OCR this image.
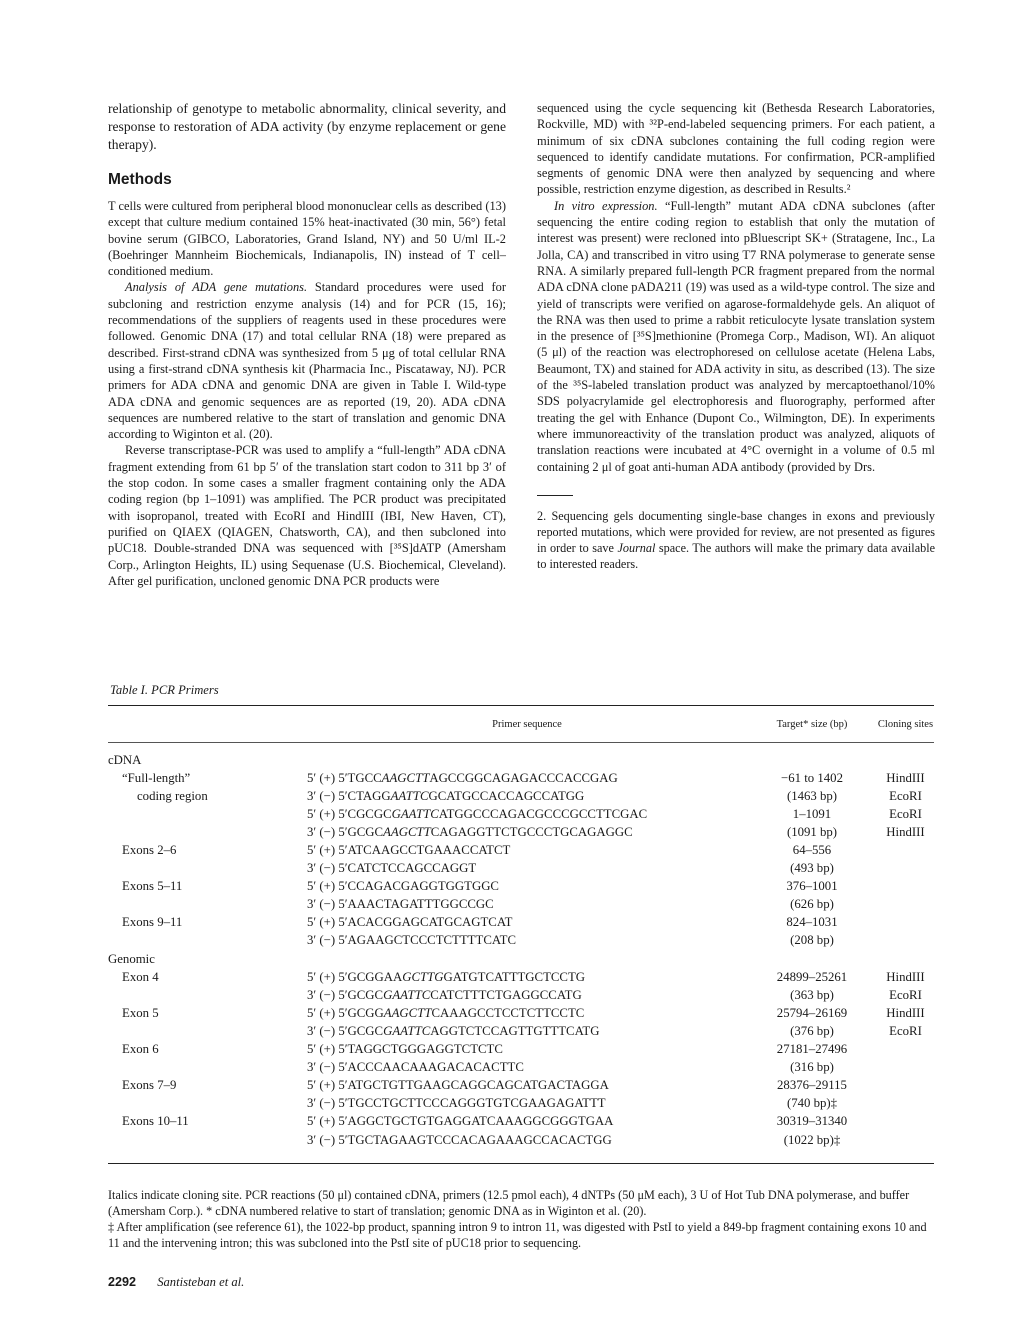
relationship of genotype to metabolic abnormality, clinical severity, and response to restoration of ADA activity (by enzyme replacement or gene therapy).

Methods

T cells were cultured from peripheral blood mononuclear cells as described (13) except that culture medium contained 15% heat-inactivated (30 min, 56°) fetal bovine serum (GIBCO, Laboratories, Grand Island, NY) and 50 U/ml IL-2 (Boehringer Mannheim Biochemicals, Indianapolis, IN) instead of T cell–conditioned medium.

Analysis of ADA gene mutations. Standard procedures were used for subcloning and restriction enzyme analysis (14) and for PCR (15, 16); recommendations of the suppliers of reagents used in these procedures were followed. Genomic DNA (17) and total cellular RNA (18) were prepared as described. First-strand cDNA was synthesized from 5 μg of total cellular RNA using a first-strand cDNA synthesis kit (Pharmacia Inc., Piscataway, NJ). PCR primers for ADA cDNA and genomic DNA are given in Table I. Wild-type ADA cDNA and genomic sequences are as reported (19, 20). ADA cDNA sequences are numbered relative to the start of translation and genomic DNA according to Wiginton et al. (20).

Reverse transcriptase-PCR was used to amplify a “full-length” ADA cDNA fragment extending from 61 bp 5′ of the translation start codon to 311 bp 3′ of the stop codon. In some cases a smaller fragment containing only the ADA coding region (bp 1–1091) was amplified. The PCR product was precipitated with isopropanol, treated with EcoRI and HindIII (IBI, New Haven, CT), purified on QIAEX (QIAGEN, Chatsworth, CA), and then subcloned into pUC18. Double-stranded DNA was sequenced with [³⁵S]dATP (Amersham Corp., Arlington Heights, IL) using Sequenase (U.S. Biochemical, Cleveland). After gel purification, uncloned genomic DNA PCR products were

sequenced using the cycle sequencing kit (Bethesda Research Laboratories, Rockville, MD) with ³²P-end-labeled sequencing primers. For each patient, a minimum of six cDNA subclones containing the full coding region were sequenced to identify candidate mutations. For confirmation, PCR-amplified segments of genomic DNA were then analyzed by sequencing and where possible, restriction enzyme digestion, as described in Results.²

In vitro expression. “Full-length” mutant ADA cDNA subclones (after sequencing the entire coding region to establish that only the mutation of interest was present) were recloned into pBluescript SK+ (Stratagene, Inc., La Jolla, CA) and transcribed in vitro using T7 RNA polymerase to generate sense RNA. A similarly prepared full-length PCR fragment prepared from the normal ADA cDNA clone pADA211 (19) was used as a wild-type control. The size and yield of transcripts were verified on agarose-formaldehyde gels. An aliquot of the RNA was then used to prime a rabbit reticulocyte lysate translation system in the presence of [³⁵S]methionine (Promega Corp., Madison, WI). An aliquot (5 μl) of the reaction was electrophoresed on cellulose acetate (Helena Labs, Beaumont, TX) and stained for ADA activity in situ, as described (13). The size of the ³⁵S-labeled translation product was analyzed by mercaptoethanol/10% SDS polyacrylamide gel electrophoresis and fluorography, performed after treating the gel with Enhance (Dupont Co., Wilmington, DE). In experiments where immunoreactivity of the translation product was analyzed, aliquots of translation reactions were incubated at 4°C overnight in a volume of 0.5 ml containing 2 μl of goat anti-human ADA antibody (provided by Drs.

2. Sequencing gels documenting single-base changes in exons and previously reported mutations, which were provided for review, are not presented as figures in order to save Journal space. The authors will make the primary data available to interested readers.

Table I. PCR Primers
	Primer sequence	Target* size (bp)	Cloning sites

cDNA			
“Full-length”	5′ (+) 5′TGCCAAGCTTAGCCGGCAGAGACCCACCGAG	−61 to 1402	HindIII
coding region	3′ (−) 5′CTAGGAATTCGCATGCCACCAGCCATGG	(1463 bp)	EcoRI
	5′ (+) 5′CGCGCGAATTCATGGCCCAGACGCCCGCCTTCGAC	1–1091	EcoRI
	3′ (−) 5′GCGCAAGCTTCAGAGGTTCTGCCCTGCAGAGGC	(1091 bp)	HindIII
Exons 2–6	5′ (+) 5′ATCAAGCCTGAAACCATCT	64–556	
	3′ (−) 5′CATCTCCAGCCAGGT	(493 bp)	
Exons 5–11	5′ (+) 5′CCAGACGAGGTGGTGGC	376–1001	
	3′ (−) 5′AAACTAGATTTGGCCGC	(626 bp)	
Exons 9–11	5′ (+) 5′ACACGGAGCATGCAGTCAT	824–1031	
	3′ (−) 5′AGAAGCTCCCTCTTTTCATC	(208 bp)	
Genomic			
Exon 4	5′ (+) 5′GCGGAAGCTTGGATGTCATTTGCTCCTG	24899–25261	HindIII
	3′ (−) 5′GCGCGAATTCCATCTTTCTGAGGCCATG	(363 bp)	EcoRI
Exon 5	5′ (+) 5′GCGGAAGCTTCAAAGCCTCCTCTTCCTC	25794–26169	HindIII
	3′ (−) 5′GCGCGAATTCAGGTCTCCAGTTGTTTCATG	(376 bp)	EcoRI
Exon 6	5′ (+) 5′TAGGCTGGGAGGTCTCTC	27181–27496	
	3′ (−) 5′ACCCAACAAAGACACACTTC	(316 bp)	
Exons 7–9	5′ (+) 5′ATGCTGTTGAAGCAGGCAGCATGACTAGGA	28376–29115	
	3′ (−) 5′TGCCTGCTTCCCAGGGTGTCGAAGAGATTT	(740 bp)‡	
Exons 10–11	5′ (+) 5′AGGCTGCTGTGAGGATCAAAGGCGGGTGAA	30319–31340	
	3′ (−) 5′TGCTAGAAGTCCCACAGAAAGCCACACTGG	(1022 bp)‡	

Italics indicate cloning site. PCR reactions (50 μl) contained cDNA, primers (12.5 pmol each), 4 dNTPs (50 μM each), 3 U of Hot Tub DNA polymerase, and buffer (Amersham Corp.). * cDNA numbered relative to start of translation; genomic DNA as in Wiginton et al. (20).

‡ After amplification (see reference 61), the 1022-bp product, spanning intron 9 to intron 11, was digested with PstI to yield a 849-bp fragment containing exons 10 and 11 and the intervening intron; this was subcloned into the PstI site of pUC18 prior to sequencing.

2292 Santisteban et al.
